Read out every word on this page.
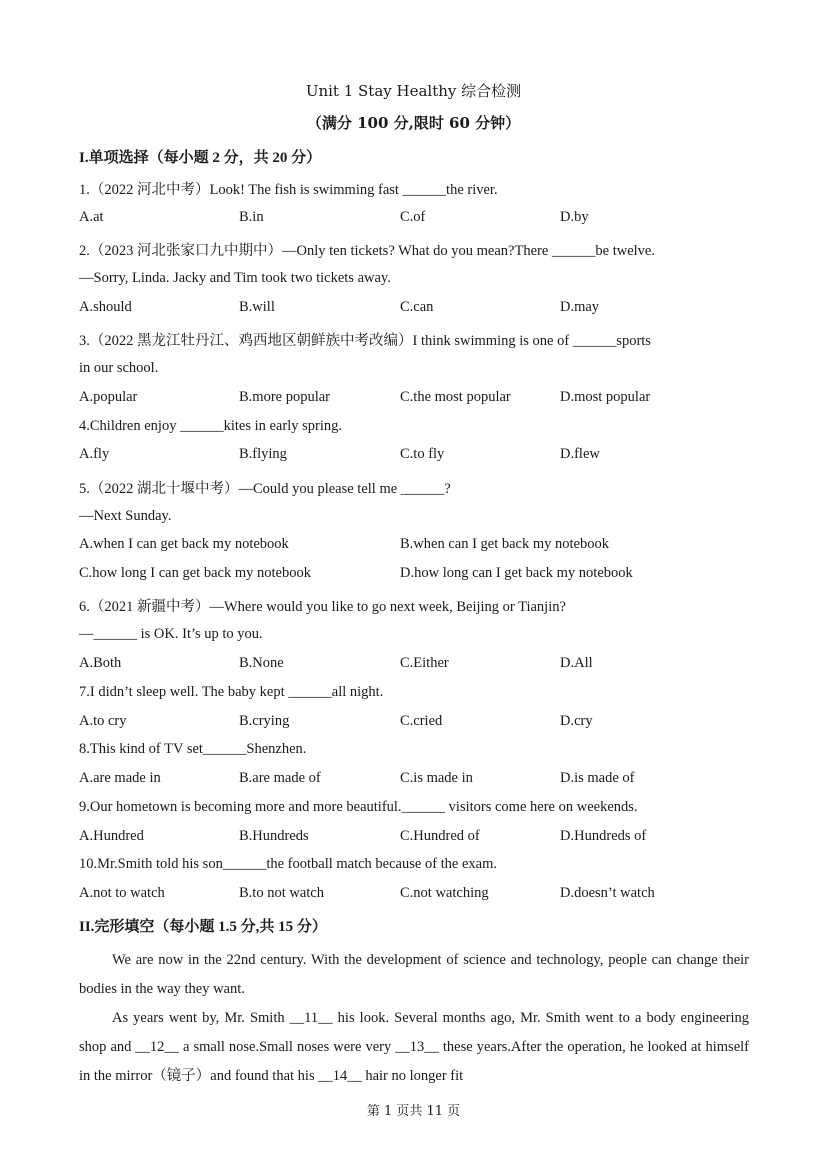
Unit 1 Stay Healthy 综合检测
（满分 100 分,限时 60 分钟）
I.单项选择（每小题 2 分，共 20 分）
1.（2022 河北中考）Look! The fish is swimming fast ______the river.
A.at	B.in	C.of	D.by
2.（2023 河北张家口九中期中）—Only ten tickets? What do you mean?There ______be twelve.
—Sorry, Linda. Jacky and Tim took two tickets away.
A.should	B.will	C.can	D.may
3.（2022 黑龙江牡丹江、鸡西地区朝鲜族中考改编）I think swimming is one of ______sports
in our school.
A.popular	B.more popular	C.the most popular	D.most popular
4.Children enjoy ______kites in early spring.
A.fly	B.flying	C.to fly	D.flew
5.（2022 湖北十堰中考）—Could you please tell me ______?
—Next Sunday.
A.when I can get back my notebook	B.when can I get back my notebook
C.how long I can get back my notebook	D.how long can I get back my notebook
6.（2021 新疆中考）—Where would you like to go next week, Beijing or Tianjin?
—______ is OK. It’s up to you.
A.Both	B.None	C.Either	D.All
7.I didn’t sleep well. The baby kept ______all night.
A.to cry	B.crying	C.cried	D.cry
8.This kind of TV set______Shenzhen.
A.are made in	B.are made of	C.is made in	D.is made of
9.Our hometown is becoming more and more beautiful.______ visitors come here on weekends.
A.Hundred	B.Hundreds	C.Hundred of	D.Hundreds of
10.Mr.Smith told his son______the football match because of the exam.
A.not to watch	B.to not watch	C.not watching	D.doesn’t watch
II.完形填空（每小题 1.5 分,共 15 分）
We are now in the 22nd century. With the development of science and technology, people can change their bodies in the way they want.
As years went by, Mr. Smith __11__ his look. Several months ago, Mr. Smith went to a body engineering shop and __12__ a small nose.Small noses were very __13__ these years.After the operation, he looked at himself in the mirror（镜子）and found that his __14__ hair no longer fit
第 1 页共 11 页
